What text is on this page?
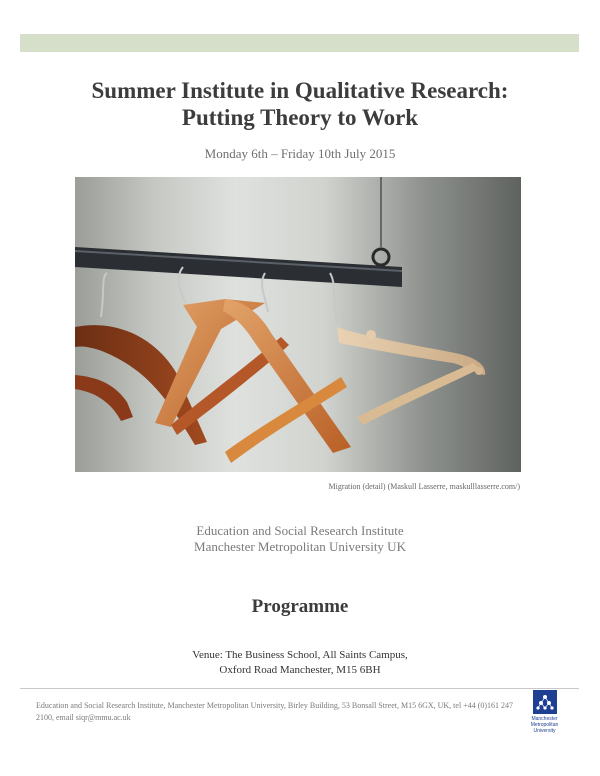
Summer Institute in Qualitative Research:
Putting Theory to Work
Monday 6th – Friday 10th July 2015
Migration (detail) (Maskull Lasserre, maskulllasserre.com/)
Education and Social Research Institute
Manchester Metropolitan University UK
Programme
Venue: The Business School, All Saints Campus,
Oxford Road Manchester, M15 6BH
Education and Social Research Institute, Manchester Metropolitan University, Birley Building, 53 Bonsall Street, M15 6GX, UK, tel +44 (0)161 247 2100, email siqr@mmu.ac.uk	Manchester
Metropolitan
University
